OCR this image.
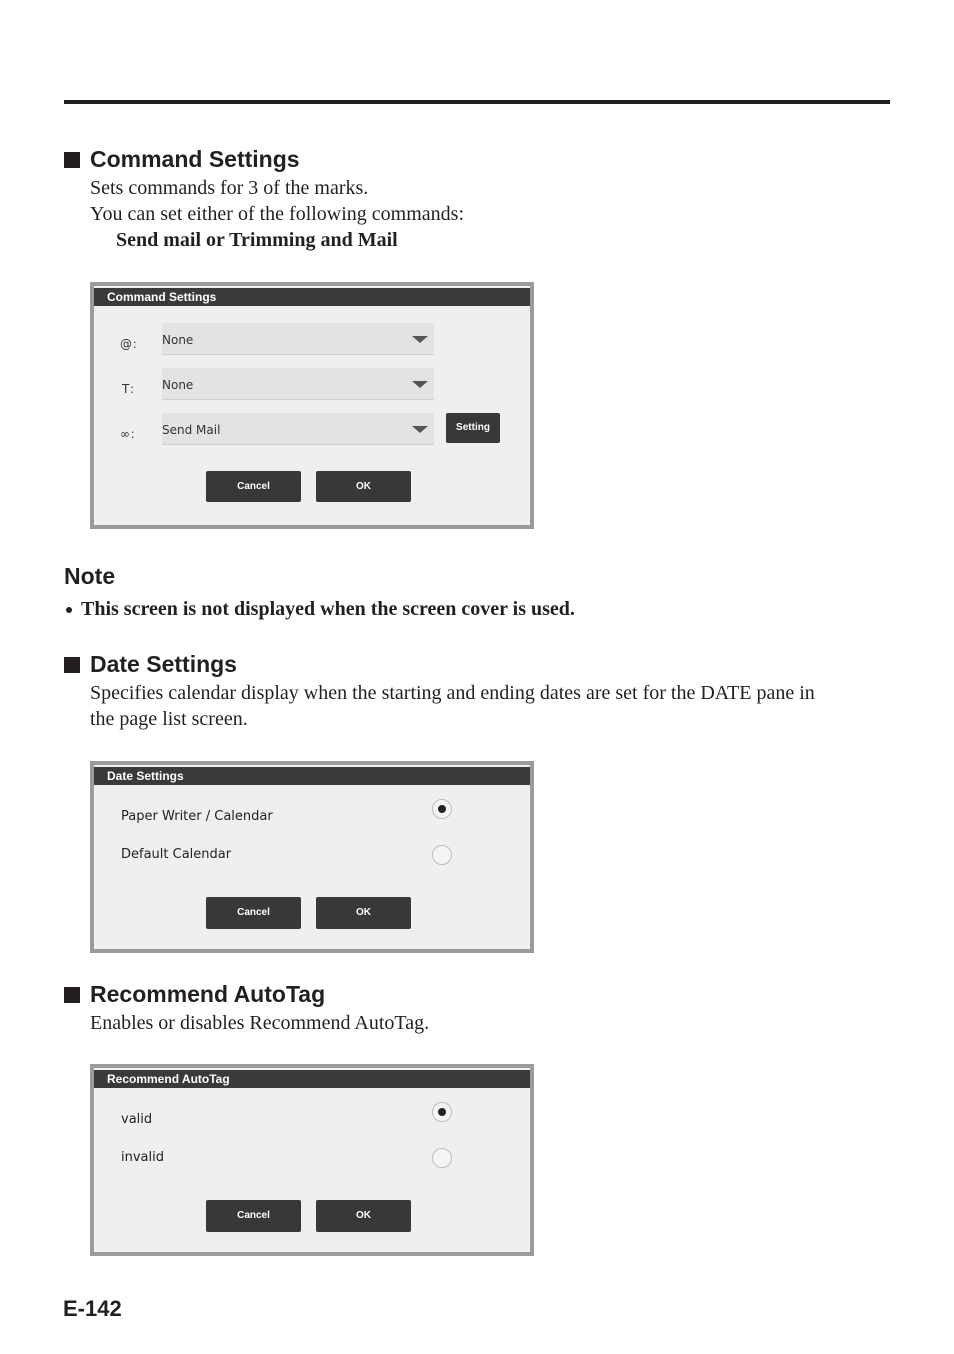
Command Settings
Sets commands for 3 of the marks.
You can set either of the following commands:
Send mail or Trimming and Mail
Command Settings
@： None
T： None
∞： Send Mail	Setting
Cancel	OK
Note
This screen is not displayed when the screen cover is used.
Date Settings
Specifies calendar display when the starting and ending dates are set for the DATE pane in
the page list screen.
Date Settings
Paper Writer / Calendar
Default Calendar
Cancel	OK
Recommend AutoTag
Enables or disables Recommend AutoTag.
Recommend AutoTag
valid
invalid
Cancel	OK
E-142
